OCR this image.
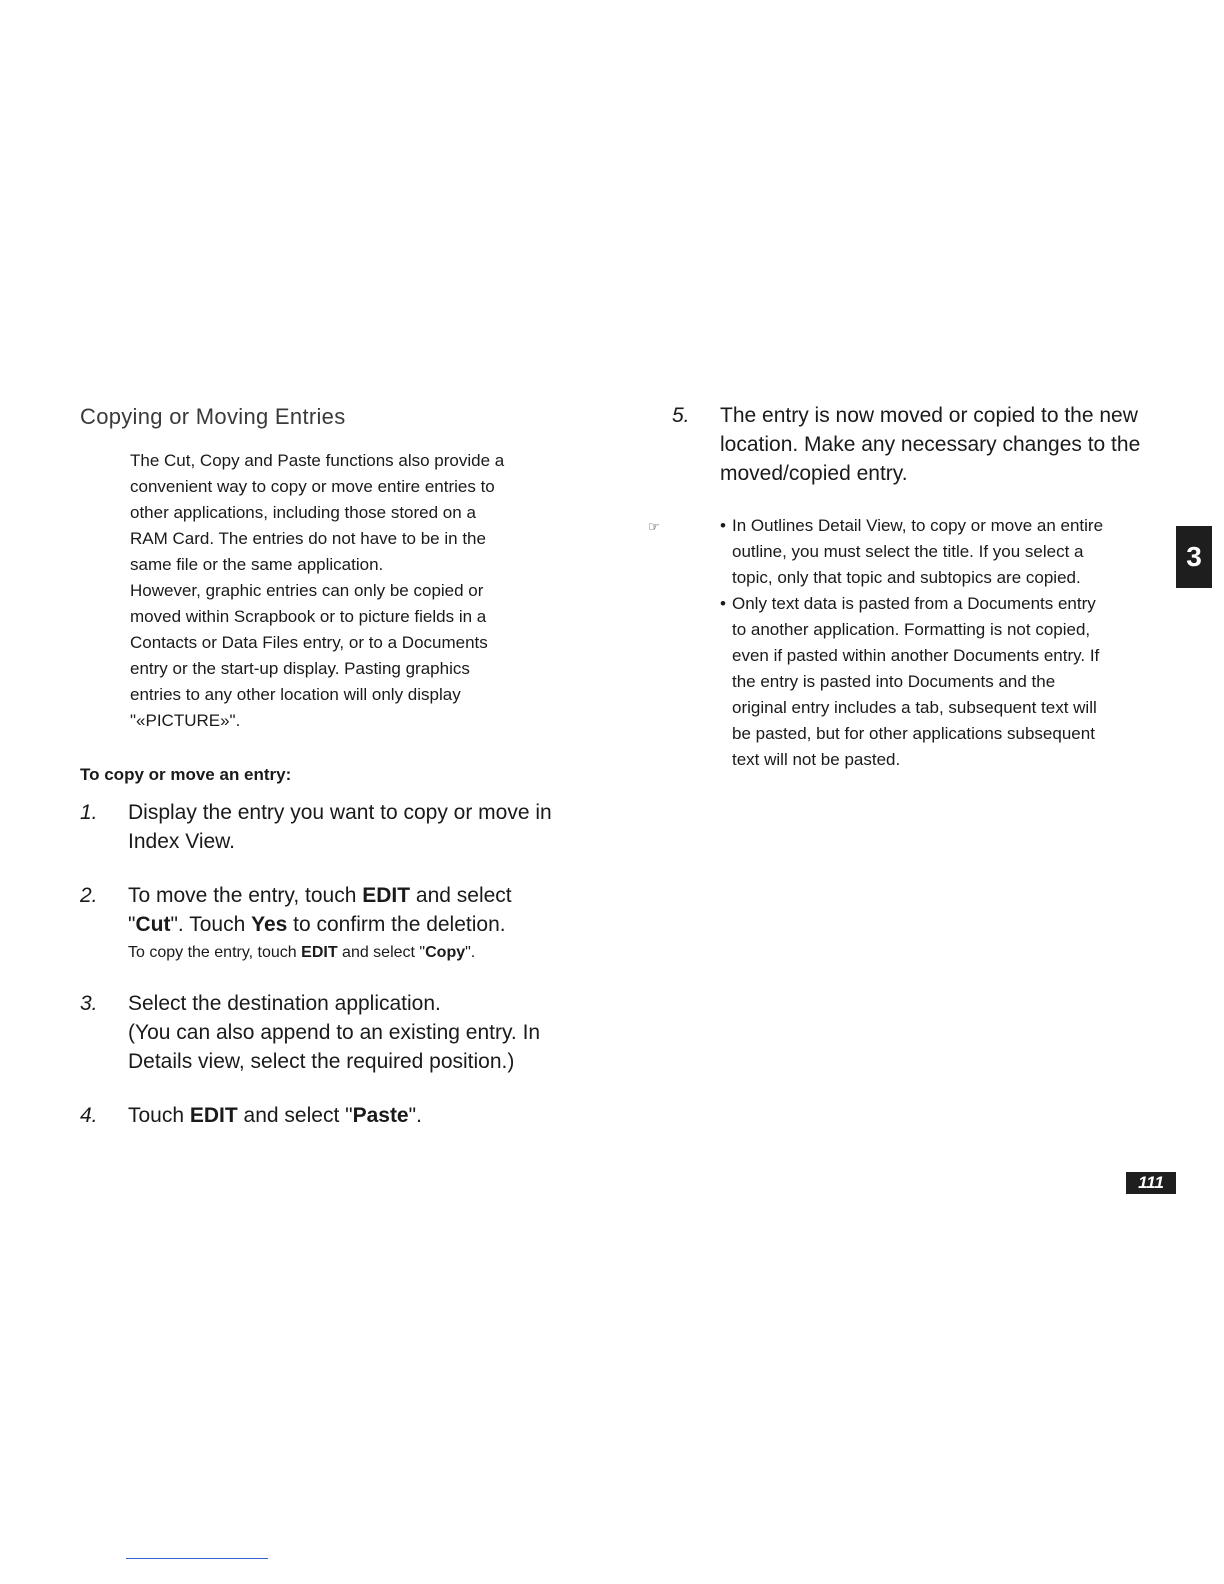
Copying or Moving Entries

The Cut, Copy and Paste functions also provide a

convenient way to copy or move entire entries to

other applications, including those stored on a

RAM Card. The entries do not have to be in the

same file or the same application.

However, graphic entries can only be copied or

moved within Scrapbook or to picture fields in a

Contacts or Data Files entry, or to a Documents

entry or the start-up display. Pasting graphics

entries to any other location will only display

"«PICTURE»".

To copy or move an entry:
1. Display the entry you want to copy or move in
Index View.
2. To move the entry, touch EDIT and select
"Cut". Touch Yes to confirm the deletion.
To copy the entry, touch EDIT and select "Copy".
3. Select the destination application.
(You can also append to an existing entry. In
Details view, select the required position.)
4. Touch EDIT and select "Paste".
5. The entry is now moved or copied to the new
location. Make any necessary changes to the
moved/copied entry.
☞
•	In Outlines Detail View, to copy or move an entire
outline, you must select the title. If you select a
topic, only that topic and subtopics are copied.
• Only text data is pasted from a Documents entry
to another application. Formatting is not copied,
even if pasted within another Documents entry. If
the entry is pasted into Documents and the
original entry includes a tab, subsequent text will
be pasted, but for other applications subsequent
text will not be pasted.
3
111
